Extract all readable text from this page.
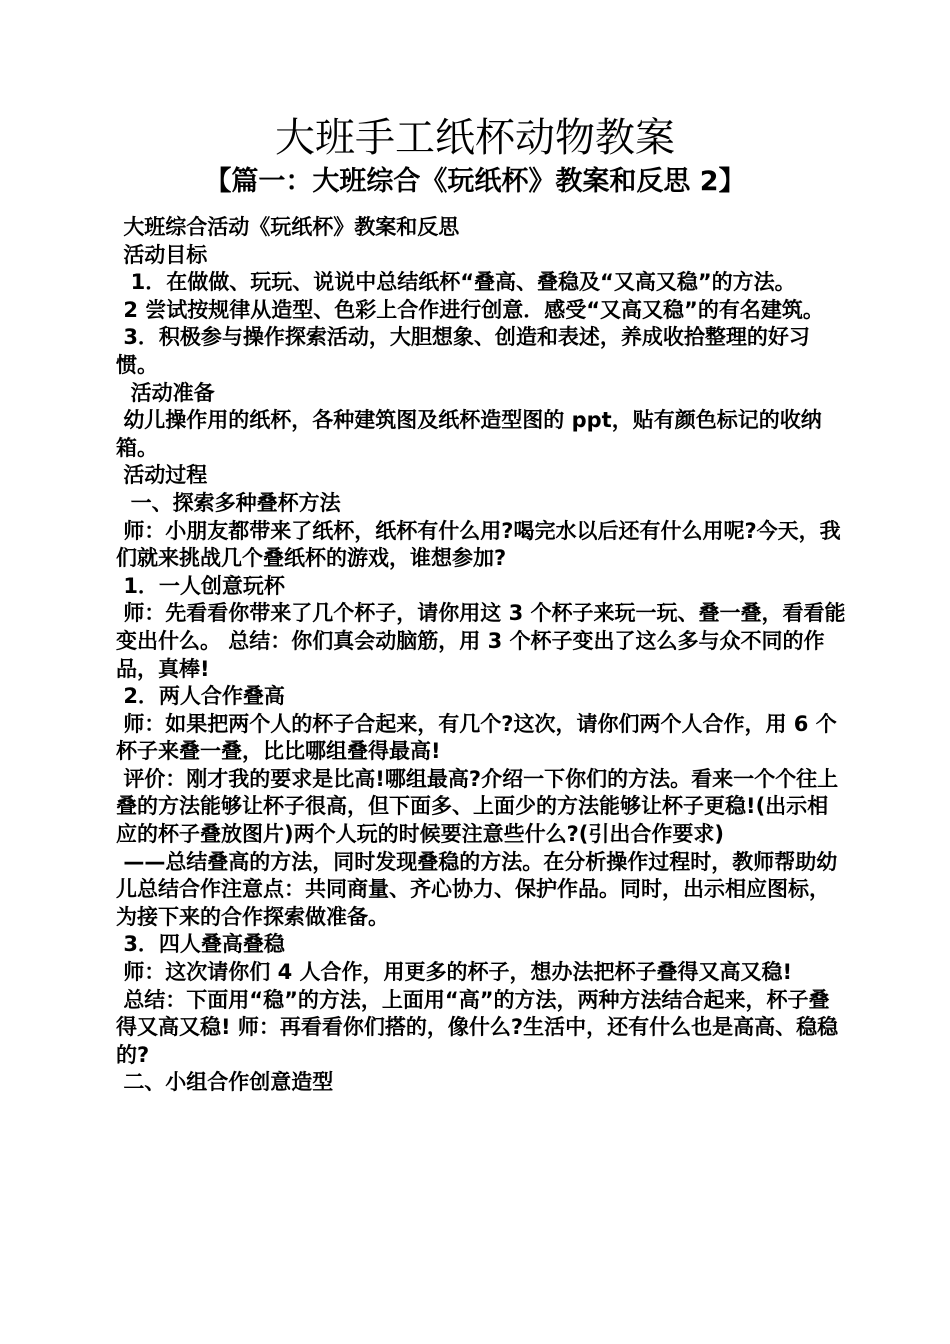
大班手工纸杯动物教案
【篇一：大班综合《玩纸杯》教案和反思 2】

大班综合活动《玩纸杯》教案和反思

活动目标

1．在做做、玩玩、说说中总结纸杯“叠高、叠稳及“又高又稳”的方法。

2 尝试按规律从造型、色彩上合作进行创意．感受“又高又稳”的有名建筑。

3．积极参与操作探索活动，大胆想象、创造和表述，养成收拾整理的好习惯。

活动准备

幼儿操作用的纸杯，各种建筑图及纸杯造型图的 ppt，贴有颜色标记的收纳箱。

活动过程

一、探索多种叠杯方法

师：小朋友都带来了纸杯，纸杯有什么用?喝完水以后还有什么用呢?今天，我们就来挑战几个叠纸杯的游戏，谁想参加?

1．一人创意玩杯

师：先看看你带来了几个杯子，请你用这 3 个杯子来玩一玩、叠一叠，看看能变出什么。 总结：你们真会动脑筋，用 3 个杯子变出了这么多与众不同的作品，真棒!

2．两人合作叠高

师：如果把两个人的杯子合起来，有几个?这次，请你们两个人合作，用 6 个杯子来叠一叠，比比哪组叠得最高!

评价：刚才我的要求是比高!哪组最高?介绍一下你们的方法。看来一个个往上叠的方法能够让杯子很高，但下面多、上面少的方法能够让杯子更稳!(出示相应的杯子叠放图片)两个人玩的时候要注意些什么?(引出合作要求)

——总结叠高的方法，同时发现叠稳的方法。在分析操作过程时，教师帮助幼儿总结合作注意点：共同商量、齐心协力、保护作品。同时，出示相应图标，为接下来的合作探索做准备。

3．四人叠高叠稳

师：这次请你们 4 人合作，用更多的杯子，想办法把杯子叠得又高又稳!

总结：下面用“稳”的方法，上面用“高”的方法，两种方法结合起来，杯子叠得又高又稳! 师：再看看你们搭的，像什么?生活中，还有什么也是高高、稳稳的?

二、小组合作创意造型
